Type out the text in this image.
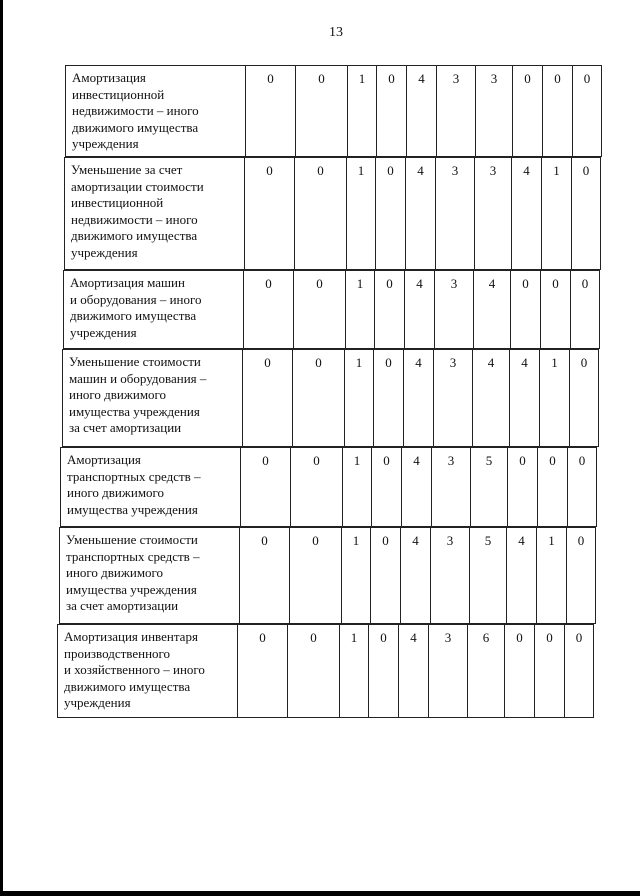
13
Амортизация
инвестиционной
недвижимости – иного
движимого имущества
учреждения
0	0	1	0	4	3	3	0	0	0
Уменьшение за счет
амортизации стоимости
инвестиционной
недвижимости – иного
движимого имущества
учреждения
0	0	1	0	4	3	3	4	1	0
Амортизация машин
и оборудования – иного
движимого имущества
учреждения
0	0	1	0	4	3	4	0	0	0
Уменьшение стоимости
машин и оборудования –
иного движимого
имущества учреждения
за счет амортизации
0	0	1	0	4	3	4	4	1	0
Амортизация
транспортных средств –
иного движимого
имущества учреждения
0	0	1	0	4	3	5	0	0	0
Уменьшение стоимости
транспортных средств –
иного движимого
имущества учреждения
за счет амортизации
0	0	1	0	4	3	5	4	1	0
Амортизация инвентаря
производственного
и хозяйственного – иного
движимого имущества
учреждения
0	0	1	0	4	3	6	0	0	0
